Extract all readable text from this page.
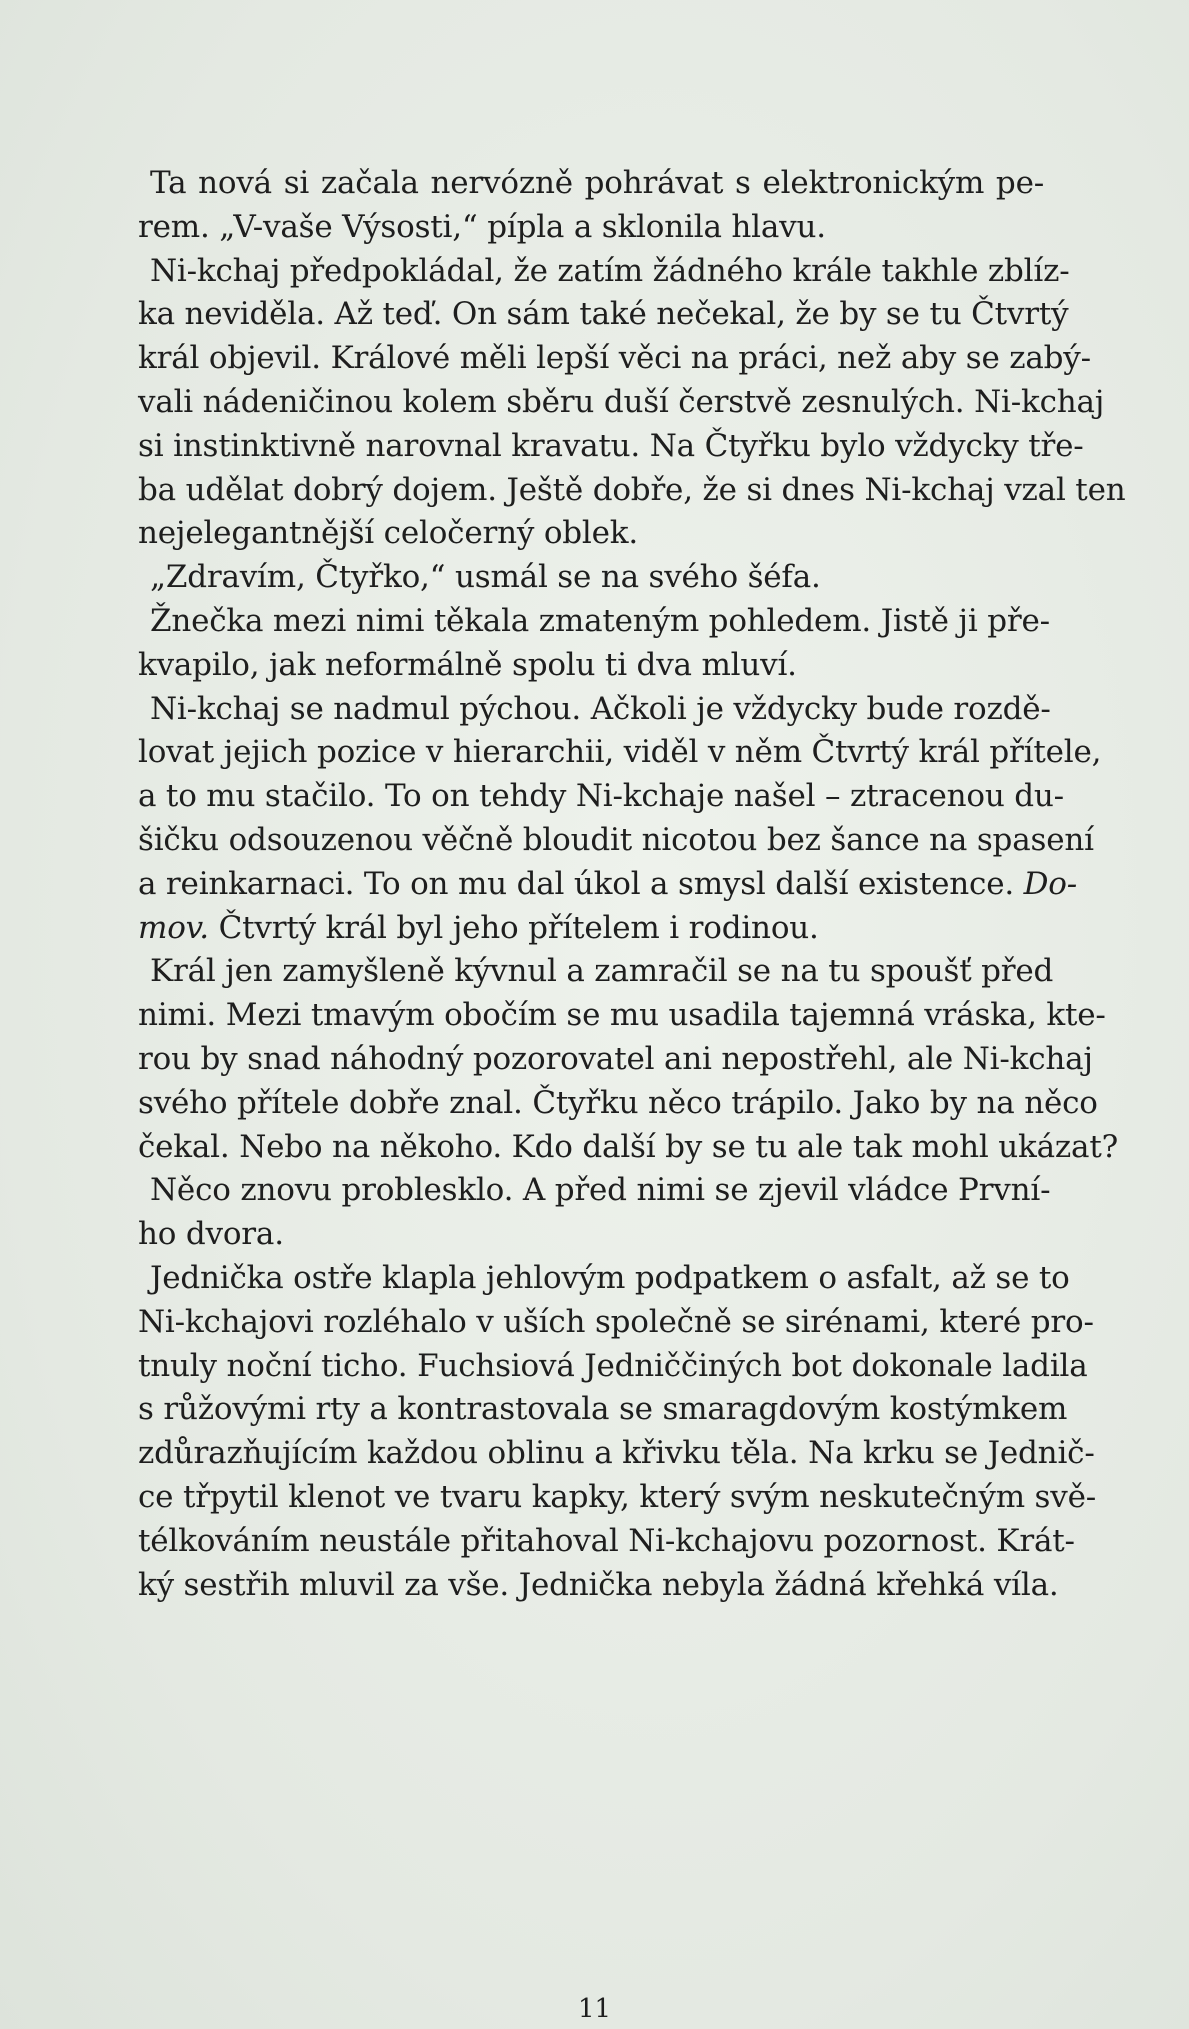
Ta nová si začala nervózně pohrávat s elektronickým pe-
rem. „V-vaše Výsosti,“ pípla a sklonila hlavu.
Ni-kchaj předpokládal, že zatím žádného krále takhle zblíz-
ka neviděla. Až teď. On sám také nečekal, že by se tu Čtvrtý
král objevil. Králové měli lepší věci na práci, než aby se zabý-
vali nádeničinou kolem sběru duší čerstvě zesnulých. Ni-kchaj
si instinktivně narovnal kravatu. Na Čtyřku bylo vždycky tře-
ba udělat dobrý dojem. Ještě dobře, že si dnes Ni-kchaj vzal ten
nejelegantnější celočerný oblek.
„Zdravím, Čtyřko,“ usmál se na svého šéfa.
Žnečka mezi nimi těkala zmateným pohledem. Jistě ji pře-
kvapilo, jak neformálně spolu ti dva mluví.
Ni-kchaj se nadmul pýchou. Ačkoli je vždycky bude rozdě-
lovat jejich pozice v hierarchii, viděl v něm Čtvrtý král přítele,
a to mu stačilo. To on tehdy Ni-kchaje našel – ztracenou du-
šičku odsouzenou věčně bloudit nicotou bez šance na spasení
a reinkarnaci. To on mu dal úkol a smysl další existence. Do-
mov. Čtvrtý král byl jeho přítelem i rodinou.
Král jen zamyšleně kývnul a zamračil se na tu spoušť před
nimi. Mezi tmavým obočím se mu usadila tajemná vráska, kte-
rou by snad náhodný pozorovatel ani nepostřehl, ale Ni-kchaj
svého přítele dobře znal. Čtyřku něco trápilo. Jako by na něco
čekal. Nebo na někoho. Kdo další by se tu ale tak mohl ukázat?
Něco znovu problesklo. A před nimi se zjevil vládce První-
ho dvora.
Jednička ostře klapla jehlovým podpatkem o asfalt, až se to
Ni-kchajovi rozléhalo v uších společně se sirénami, které pro-
tnuly noční ticho. Fuchsiová Jedniččiných bot dokonale ladila
s růžovými rty a kontrastovala se smaragdovým kostýmkem
zdůrazňujícím každou oblinu a křivku těla. Na krku se Jednič-
ce třpytil klenot ve tvaru kapky, který svým neskutečným svě-
télkováním neustále přitahoval Ni-kchajovu pozornost. Krát-
ký sestřih mluvil za vše. Jednička nebyla žádná křehká víla.
11
